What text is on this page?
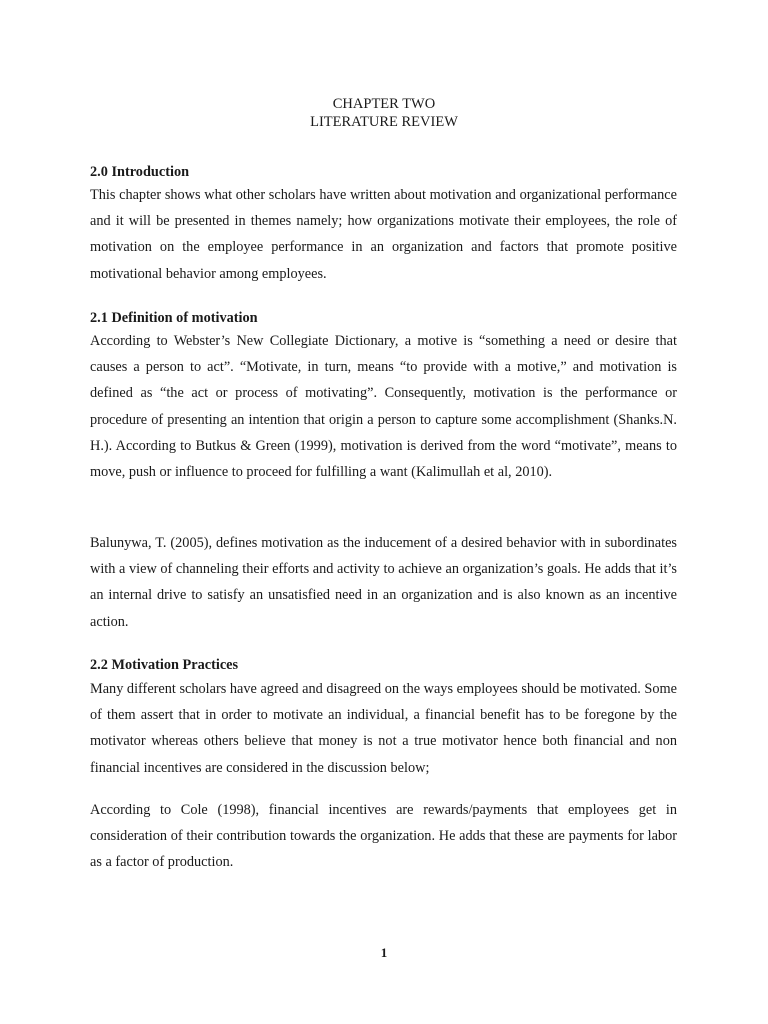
CHAPTER TWO
LITERATURE REVIEW

2.0 Introduction

This chapter shows what other scholars have written about motivation and organizational performance and it will be presented in themes namely; how organizations motivate their employees, the role of motivation on the employee performance in an organization and factors that promote positive motivational behavior among employees.

2.1 Definition of motivation

According to Webster’s New Collegiate Dictionary, a motive is “something a need or desire that causes a person to act”. “Motivate, in turn, means “to provide with a motive,” and motivation is defined as “the act or process of motivating”. Consequently, motivation is the performance or procedure of presenting an intention that origin a person to capture some accomplishment (Shanks.N. H.). According to Butkus & Green (1999), motivation is derived from the word “motivate”, means to move, push or influence to proceed for fulfilling a want (Kalimullah et al, 2010).

Balunywa, T. (2005), defines motivation as the inducement of a desired behavior with in subordinates with a view of channeling their efforts and activity to achieve an organization’s goals. He adds that it’s an internal drive to satisfy an unsatisfied need in an organization and is also known as an incentive action.

2.2 Motivation Practices

Many different scholars have agreed and disagreed on the ways employees should be motivated. Some of them assert that in order to motivate an individual, a financial benefit has to be foregone by the motivator whereas others believe that money is not a true motivator hence both financial and non financial incentives are considered in the discussion below;

According to Cole (1998), financial incentives are rewards/payments that employees get in consideration of their contribution towards the organization. He adds that these are payments for labor as a factor of production.

1
